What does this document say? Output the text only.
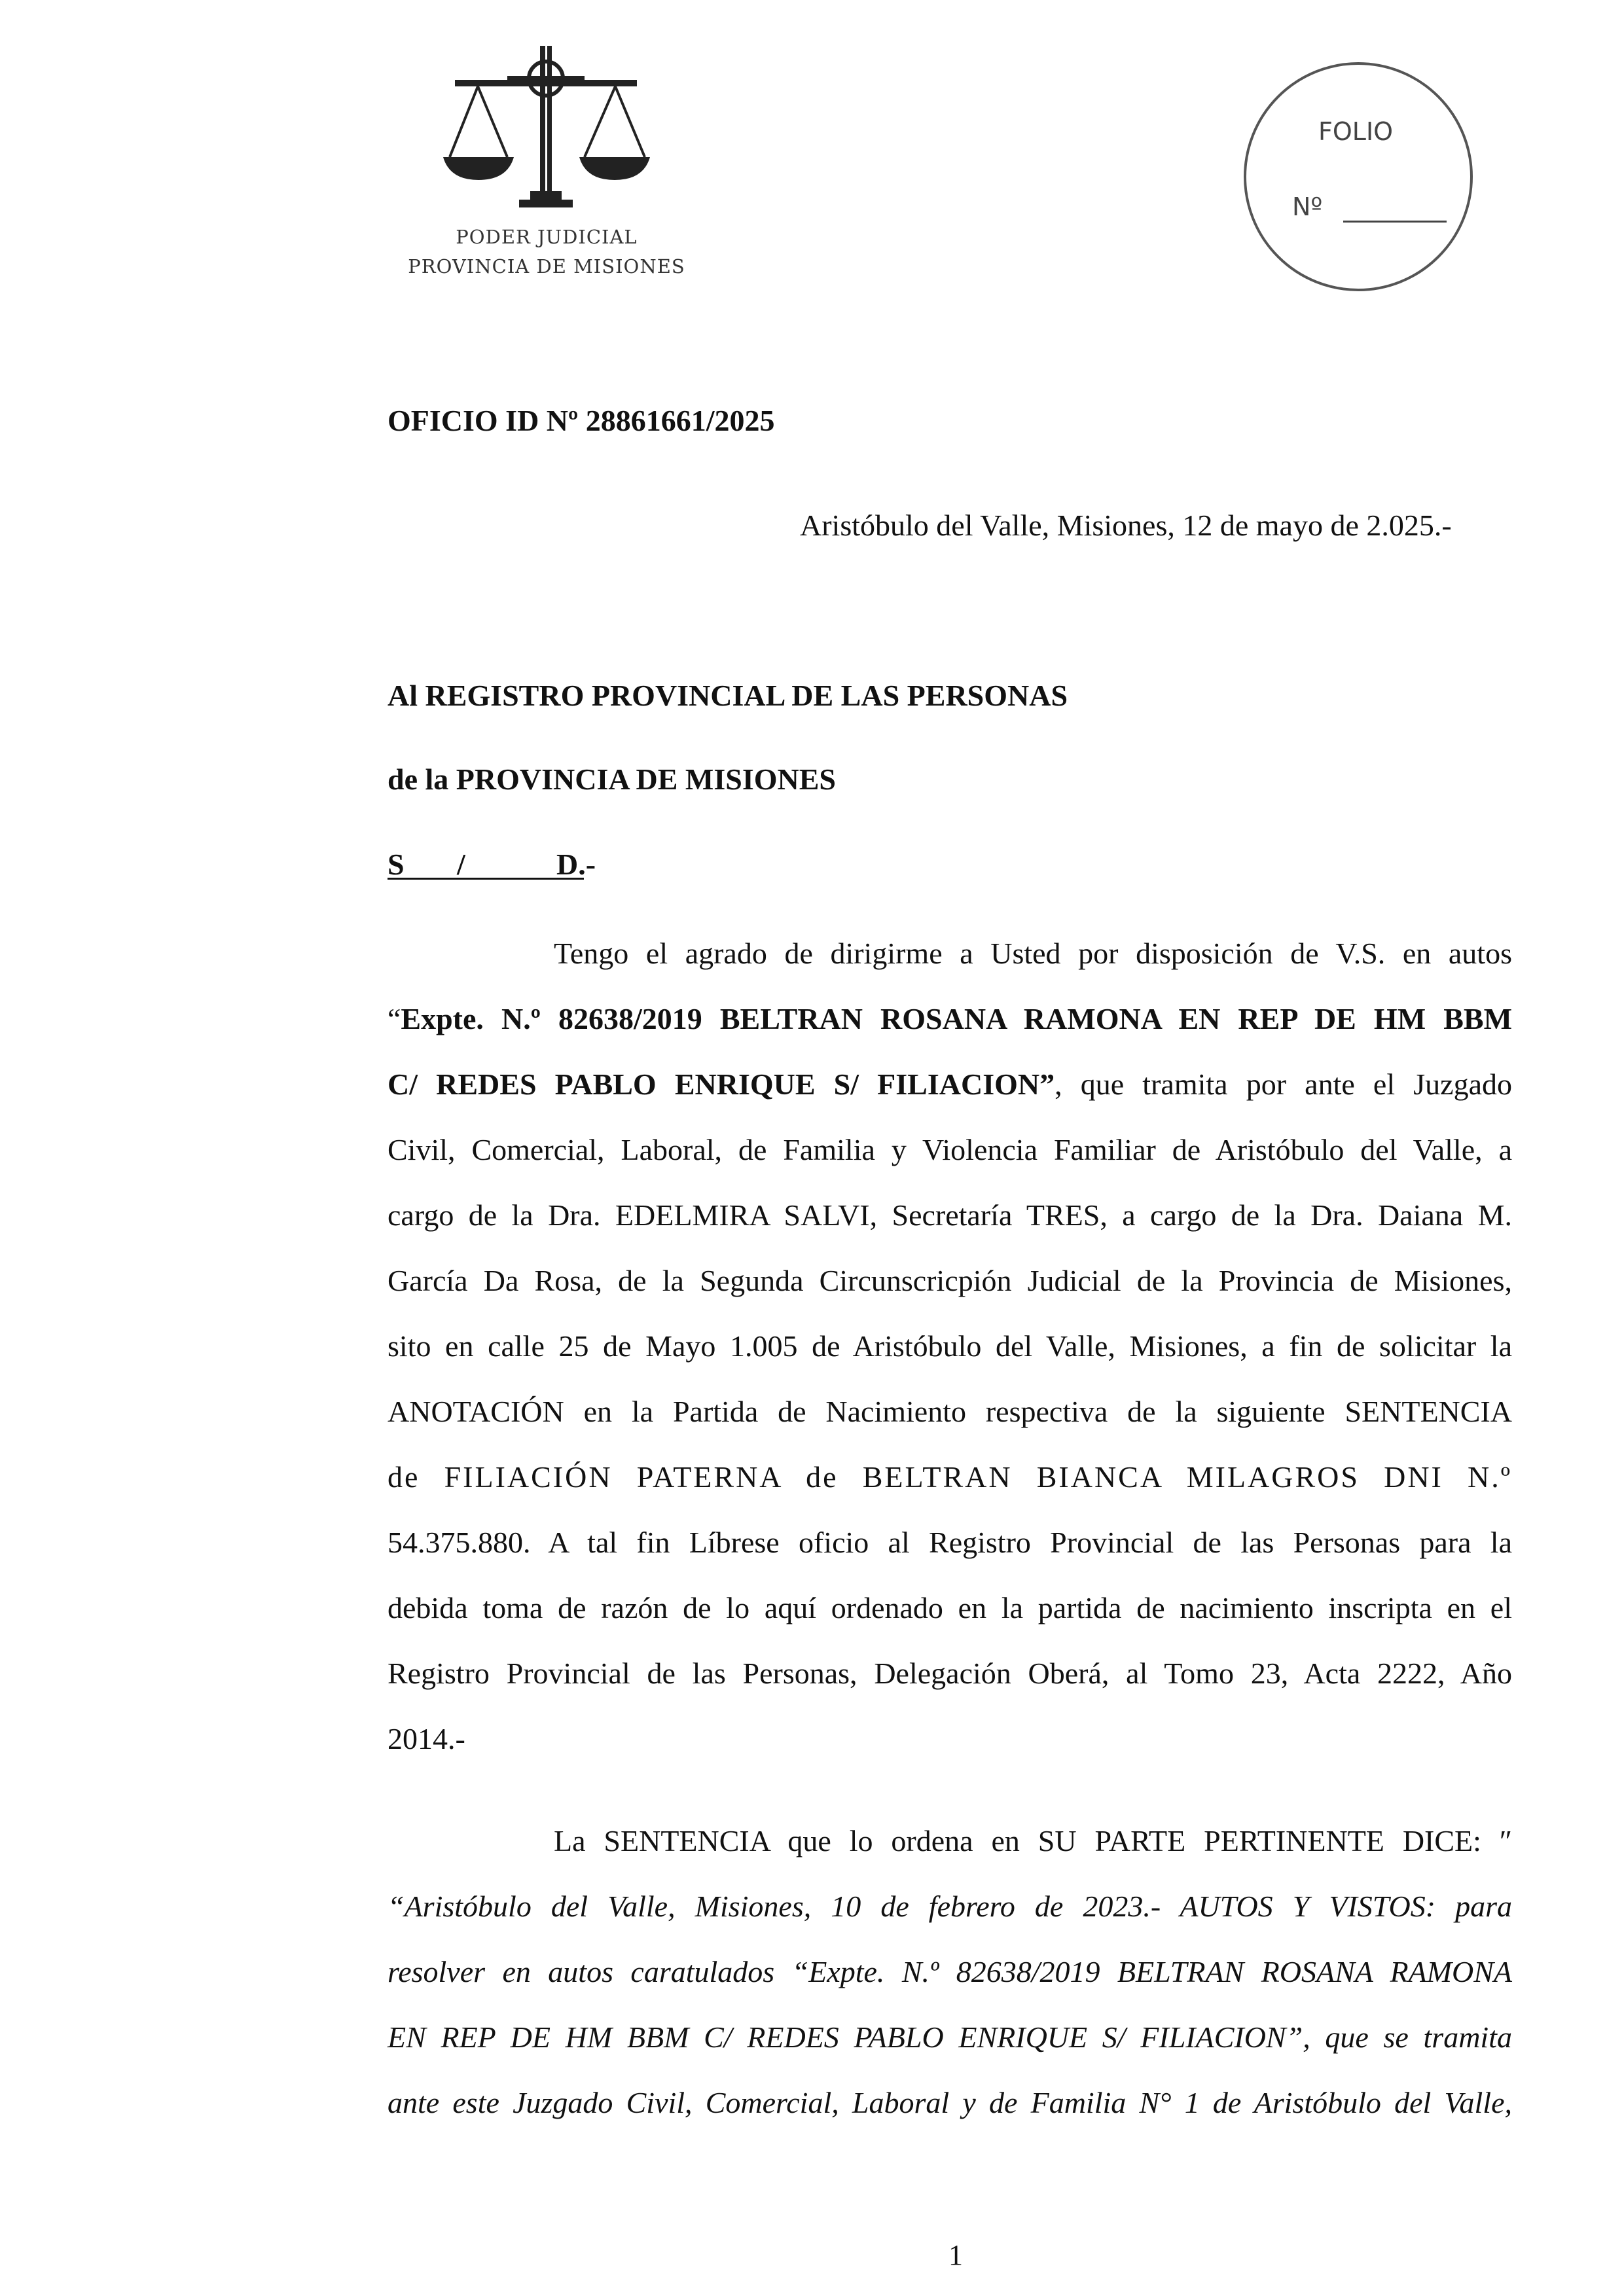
PODER JUDICIAL
PROVINCIA DE MISIONES
FOLIO
Nº
OFICIO ID Nº 28861661/2025
Aristóbulo del Valle, Misiones, 12 de mayo de 2.025.-
Al REGISTRO PROVINCIAL DE LAS PERSONAS
de la PROVINCIA DE MISIONES
S /	D.-
Tengo el agrado de dirigirme a Usted por disposición de V.S. en autos
“Expte. N.º 82638/2019 BELTRAN ROSANA RAMONA EN REP DE HM BBM
C/ REDES PABLO ENRIQUE S/ FILIACION”, que tramita por ante el Juzgado
Civil, Comercial, Laboral, de Familia y Violencia Familiar de Aristóbulo del Valle, a
cargo de la Dra. EDELMIRA SALVI, Secretaría TRES, a cargo de la Dra. Daiana M.
García Da Rosa, de la Segunda Circunscricpión Judicial de la Provincia de Misiones,
sito en calle 25 de Mayo 1.005 de Aristóbulo del Valle, Misiones, a fin de solicitar la
ANOTACIÓN en la Partida de Nacimiento respectiva de la siguiente SENTENCIA
de FILIACIÓN PATERNA de BELTRAN BIANCA MILAGROS DNI N.º
54.375.880. A tal fin Líbrese oficio al Registro Provincial de las Personas para la
debida toma de razón de lo aquí ordenado en la partida de nacimiento inscripta en el
Registro Provincial de las Personas, Delegación Oberá, al Tomo 23, Acta 2222, Año
2014.-
La SENTENCIA que lo ordena en SU PARTE PERTINENTE DICE: ″
“Aristóbulo del Valle, Misiones, 10 de febrero de 2023.- AUTOS Y VISTOS: para
resolver en autos caratulados “Expte. N.º 82638/2019 BELTRAN ROSANA RAMONA
EN REP DE HM BBM C/ REDES PABLO ENRIQUE S/ FILIACION”, que se tramita
ante este Juzgado Civil, Comercial, Laboral y de Familia N° 1 de Aristóbulo del Valle,
1
